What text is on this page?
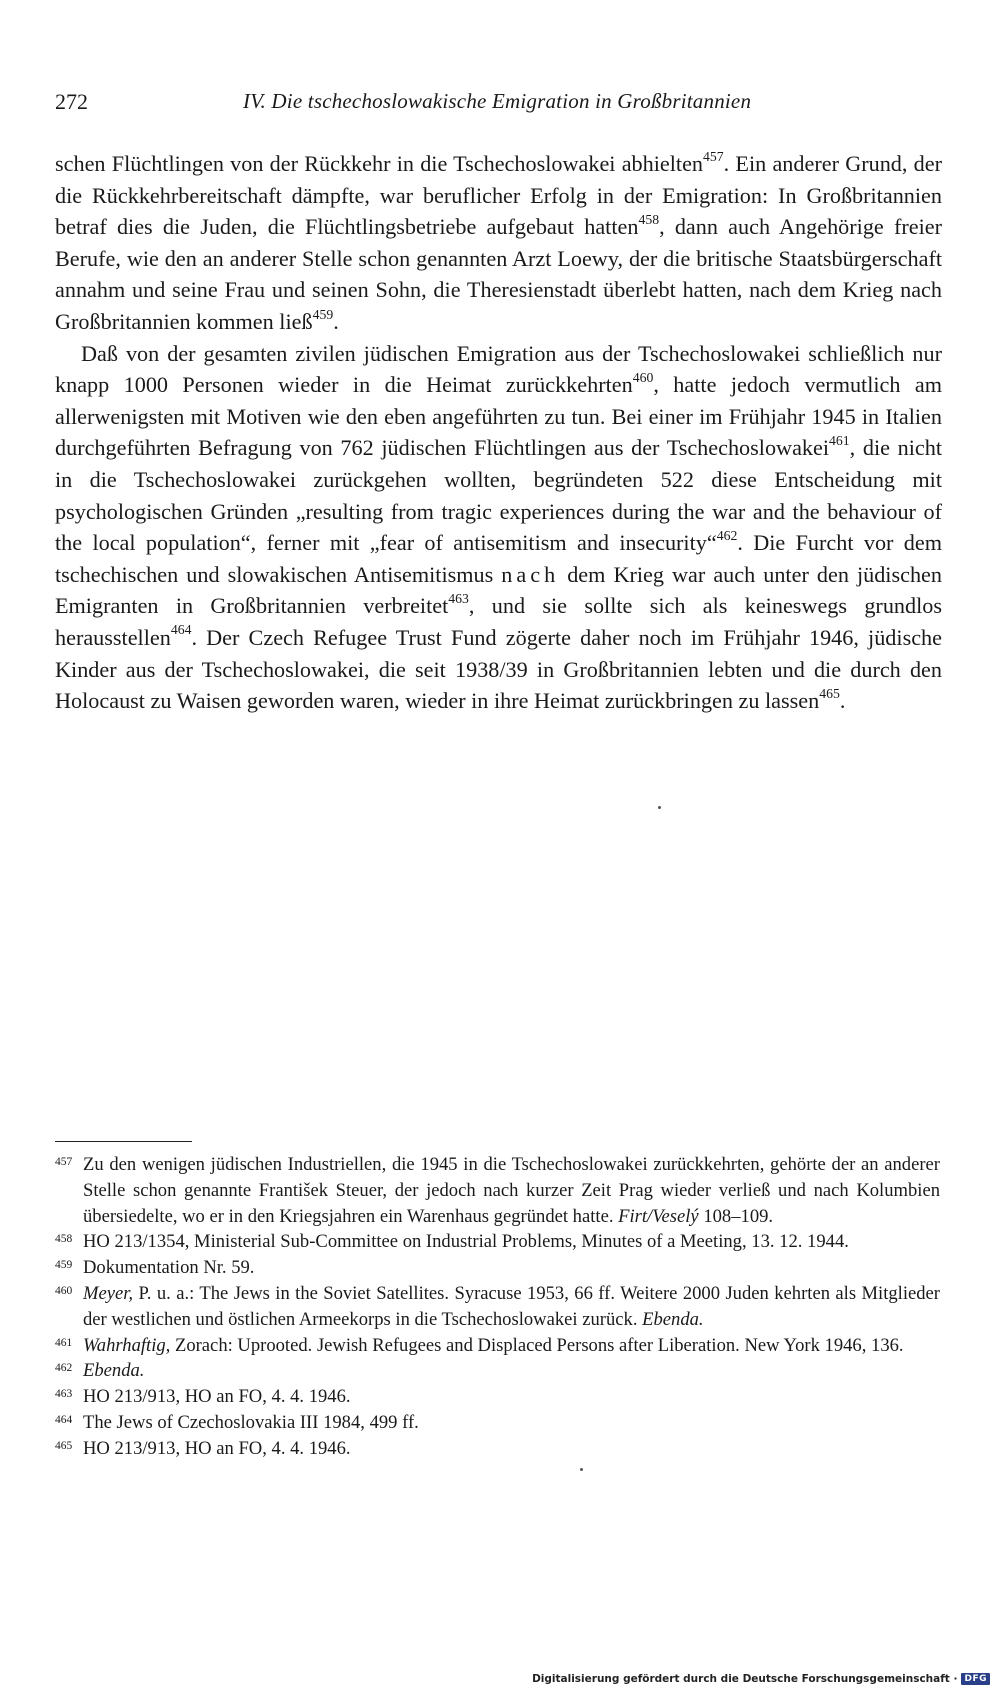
272	IV. Die tschechoslowakische Emigration in Großbritannien

schen Flüchtlingen von der Rückkehr in die Tschechoslowakei abhielten$^{457}$. Ein anderer Grund, der die Rückkehrbereitschaft dämpfte, war beruflicher Erfolg in der Emigration: In Großbritannien betraf dies die Juden, die Flüchtlingsbetriebe aufgebaut hatten$^{458}$, dann auch Angehörige freier Berufe, wie den an anderer Stelle schon genannten Arzt Loewy, der die britische Staatsbürgerschaft annahm und seine Frau und seinen Sohn, die Theresienstadt überlebt hatten, nach dem Krieg nach Großbritannien kommen ließ$^{459}$.

Daß von der gesamten zivilen jüdischen Emigration aus der Tschechoslowakei schließlich nur knapp 1000 Personen wieder in die Heimat zurückkehrten$^{460}$, hatte jedoch vermutlich am allerwenigsten mit Motiven wie den eben angeführten zu tun. Bei einer im Frühjahr 1945 in Italien durchgeführten Befragung von 762 jüdischen Flüchtlingen aus der Tschechoslowakei$^{461}$, die nicht in die Tschechoslowakei zurückgehen wollten, begründeten 522 diese Entscheidung mit psychologischen Gründen „resulting from tragic experiences during the war and the behaviour of the local population“, ferner mit „fear of antisemitism and insecurity“$^{462}$. Die Furcht vor dem tschechischen und slowakischen Antisemitismus nach dem Krieg war auch unter den jüdischen Emigranten in Großbritannien verbreitet$^{463}$, und sie sollte sich als keineswegs grundlos herausstellen$^{464}$. Der Czech Refugee Trust Fund zögerte daher noch im Frühjahr 1946, jüdische Kinder aus der Tschechoslowakei, die seit 1938/39 in Großbritannien lebten und die durch den Holocaust zu Waisen geworden waren, wieder in ihre Heimat zurückbringen zu lassen$^{465}$.

457 Zu den wenigen jüdischen Industriellen, die 1945 in die Tschechoslowakei zurückkehrten, gehörte der an anderer Stelle schon genannte František Steuer, der jedoch nach kurzer Zeit Prag wieder verließ und nach Kolumbien übersiedelte, wo er in den Kriegsjahren ein Warenhaus gegründet hatte. Firt/Veselý 108–109.

458 HO 213/1354, Ministerial Sub-Committee on Industrial Problems, Minutes of a Meeting, 13. 12. 1944.

459 Dokumentation Nr. 59.

460 Meyer, P. u. a.: The Jews in the Soviet Satellites. Syracuse 1953, 66 ff. Weitere 2000 Juden kehrten als Mitglieder der westlichen und östlichen Armeekorps in die Tschechoslowakei zurück. Ebenda.

461 Wahrhaftig, Zorach: Uprooted. Jewish Refugees and Displaced Persons after Liberation. New York 1946, 136.

462 Ebenda.

463 HO 213/913, HO an FO, 4. 4. 1946.

464 The Jews of Czechoslovakia III 1984, 499 ff.

465 HO 213/913, HO an FO, 4. 4. 1946.

Digitalisierung gefördert durch die Deutsche Forschungsgemeinschaft · DFG
